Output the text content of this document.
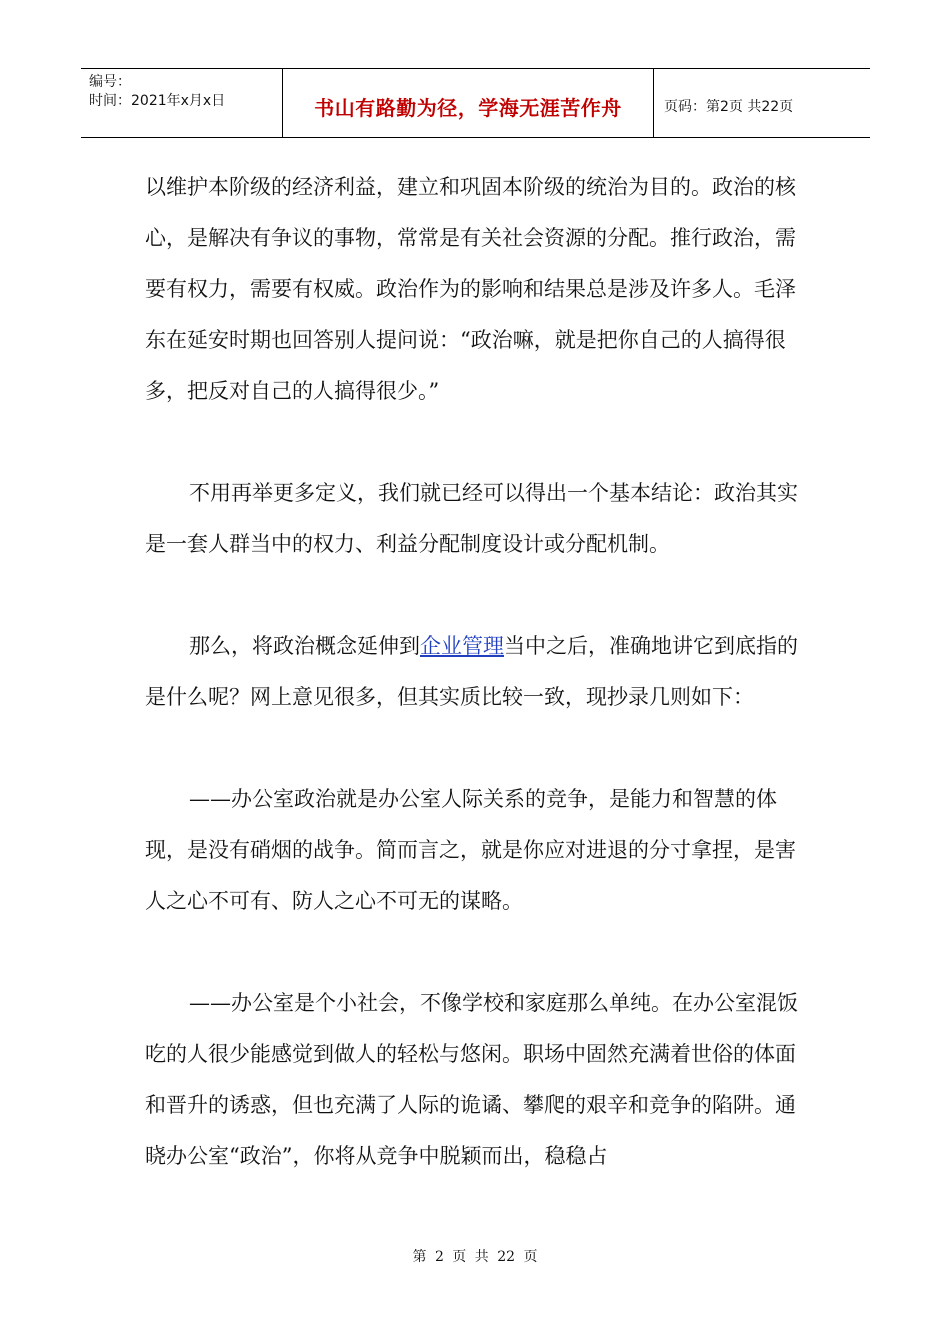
编号：
时间：2021年x月x日	书山有路勤为径，学海无涯苦作舟	页码：第2页 共22页

以维护本阶级的经济利益，建立和巩固本阶级的统治为目的。政治的核心，是解决有争议的事物，常常是有关社会资源的分配。推行政治，需要有权力，需要有权威。政治作为的影响和结果总是涉及许多人。毛泽东在延安时期也回答别人提问说：“政治嘛，就是把你自己的人搞得很多，把反对自己的人搞得很少。”

不用再举更多定义，我们就已经可以得出一个基本结论：政治其实是一套人群当中的权力、利益分配制度设计或分配机制。

那么，将政治概念延伸到企业管理当中之后，准确地讲它到底指的是什么呢？网上意见很多，但其实质比较一致，现抄录几则如下：

——办公室政治就是办公室人际关系的竞争，是能力和智慧的体现，是没有硝烟的战争。简而言之，就是你应对进退的分寸拿捏，是害人之心不可有、防人之心不可无的谋略。

——办公室是个小社会，不像学校和家庭那么单纯。在办公室混饭吃的人很少能感觉到做人的轻松与悠闲。职场中固然充满着世俗的体面和晋升的诱惑，但也充满了人际的诡谲、攀爬的艰辛和竞争的陷阱。通晓办公室“政治”，你将从竞争中脱颖而出，稳稳占

第 2 页 共 22 页
